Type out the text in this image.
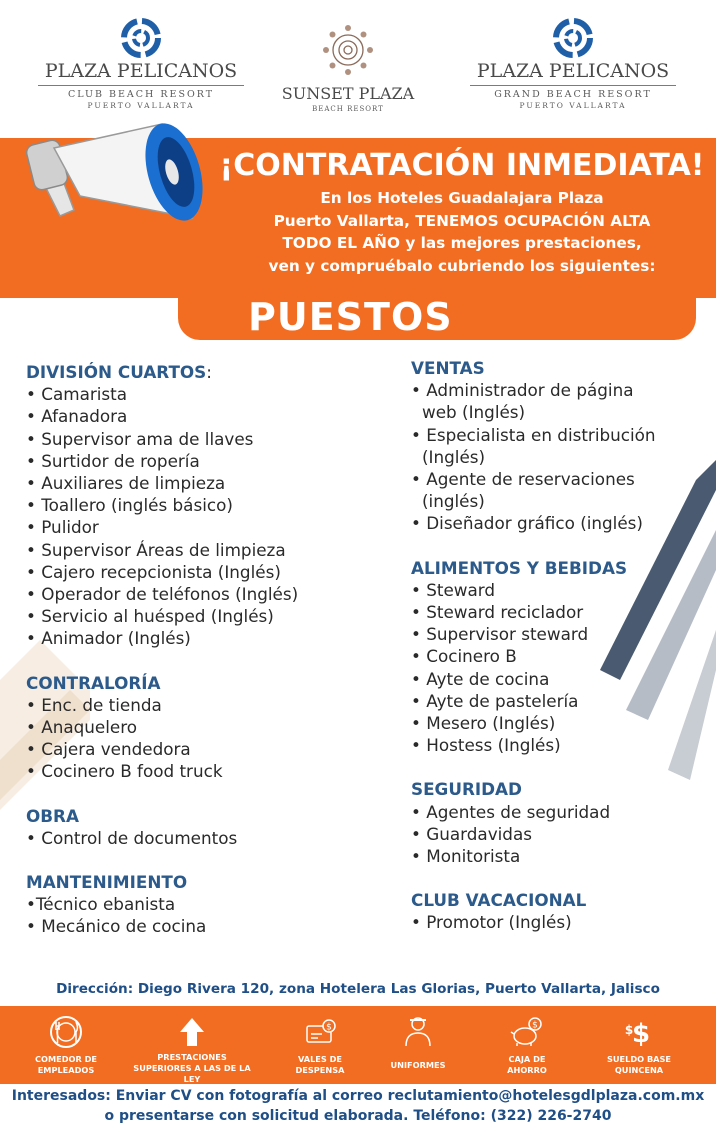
PLAZA PELICANOS
CLUB BEACH RESORT
PUERTO VALLARTA
SUNSET PLAZA
BEACH RESORT
PLAZA PELICANOS
GRAND BEACH RESORT
PUERTO VALLARTA
¡CONTRATACIÓN INMEDIATA!
En los Hoteles Guadalajara Plaza
Puerto Vallarta, TENEMOS OCUPACIÓN ALTA
TODO EL AÑO y las mejores prestaciones,
ven y compruébalo cubriendo los siguientes:
PUESTOS
DIVISIÓN CUARTOS:
• Camarista
• Afanadora
• Supervisor ama de llaves
• Surtidor de ropería
• Auxiliares de limpieza
• Toallero (inglés básico)
• Pulidor
• Supervisor Áreas de limpieza
• Cajero recepcionista (Inglés)
• Operador de teléfonos (Inglés)
• Servicio al huésped (Inglés)
• Animador (Inglés)
CONTRALORÍA
• Enc. de tienda
• Anaquelero
• Cajera vendedora
• Cocinero B food truck
OBRA
• Control de documentos
MANTENIMIENTO
•Técnico ebanista
• Mecánico de cocina
VENTAS
• Administrador de página
web (Inglés)
• Especialista en distribución
(Inglés)
• Agente de reservaciones
(inglés)
• Diseñador gráfico (inglés)
ALIMENTOS Y BEBIDAS
• Steward
• Steward reciclador
• Supervisor steward
• Cocinero B
• Ayte de cocina
• Ayte de pastelería
• Mesero (Inglés)
• Hostess (Inglés)
SEGURIDAD
• Agentes de seguridad
• Guardavidas
• Monitorista
CLUB VACACIONAL
• Promotor (Inglés)
Dirección: Diego Rivera 120, zona Hotelera Las Glorias, Puerto Vallarta, Jalisco
COMEDOR DE
EMPLEADOS
PRESTACIONES
SUPERIORES A LAS DE LA LEY
$
VALES DE
DESPENSA	UNIFORMES
$
CAJA DE
AHORRO
$
$
SUELDO BASE
QUINCENA
Interesados: Enviar CV con fotografía al correo reclutamiento@hotelesgdlplaza.com.mx
o presentarse con solicitud elaborada. Teléfono: (322) 226-2740
